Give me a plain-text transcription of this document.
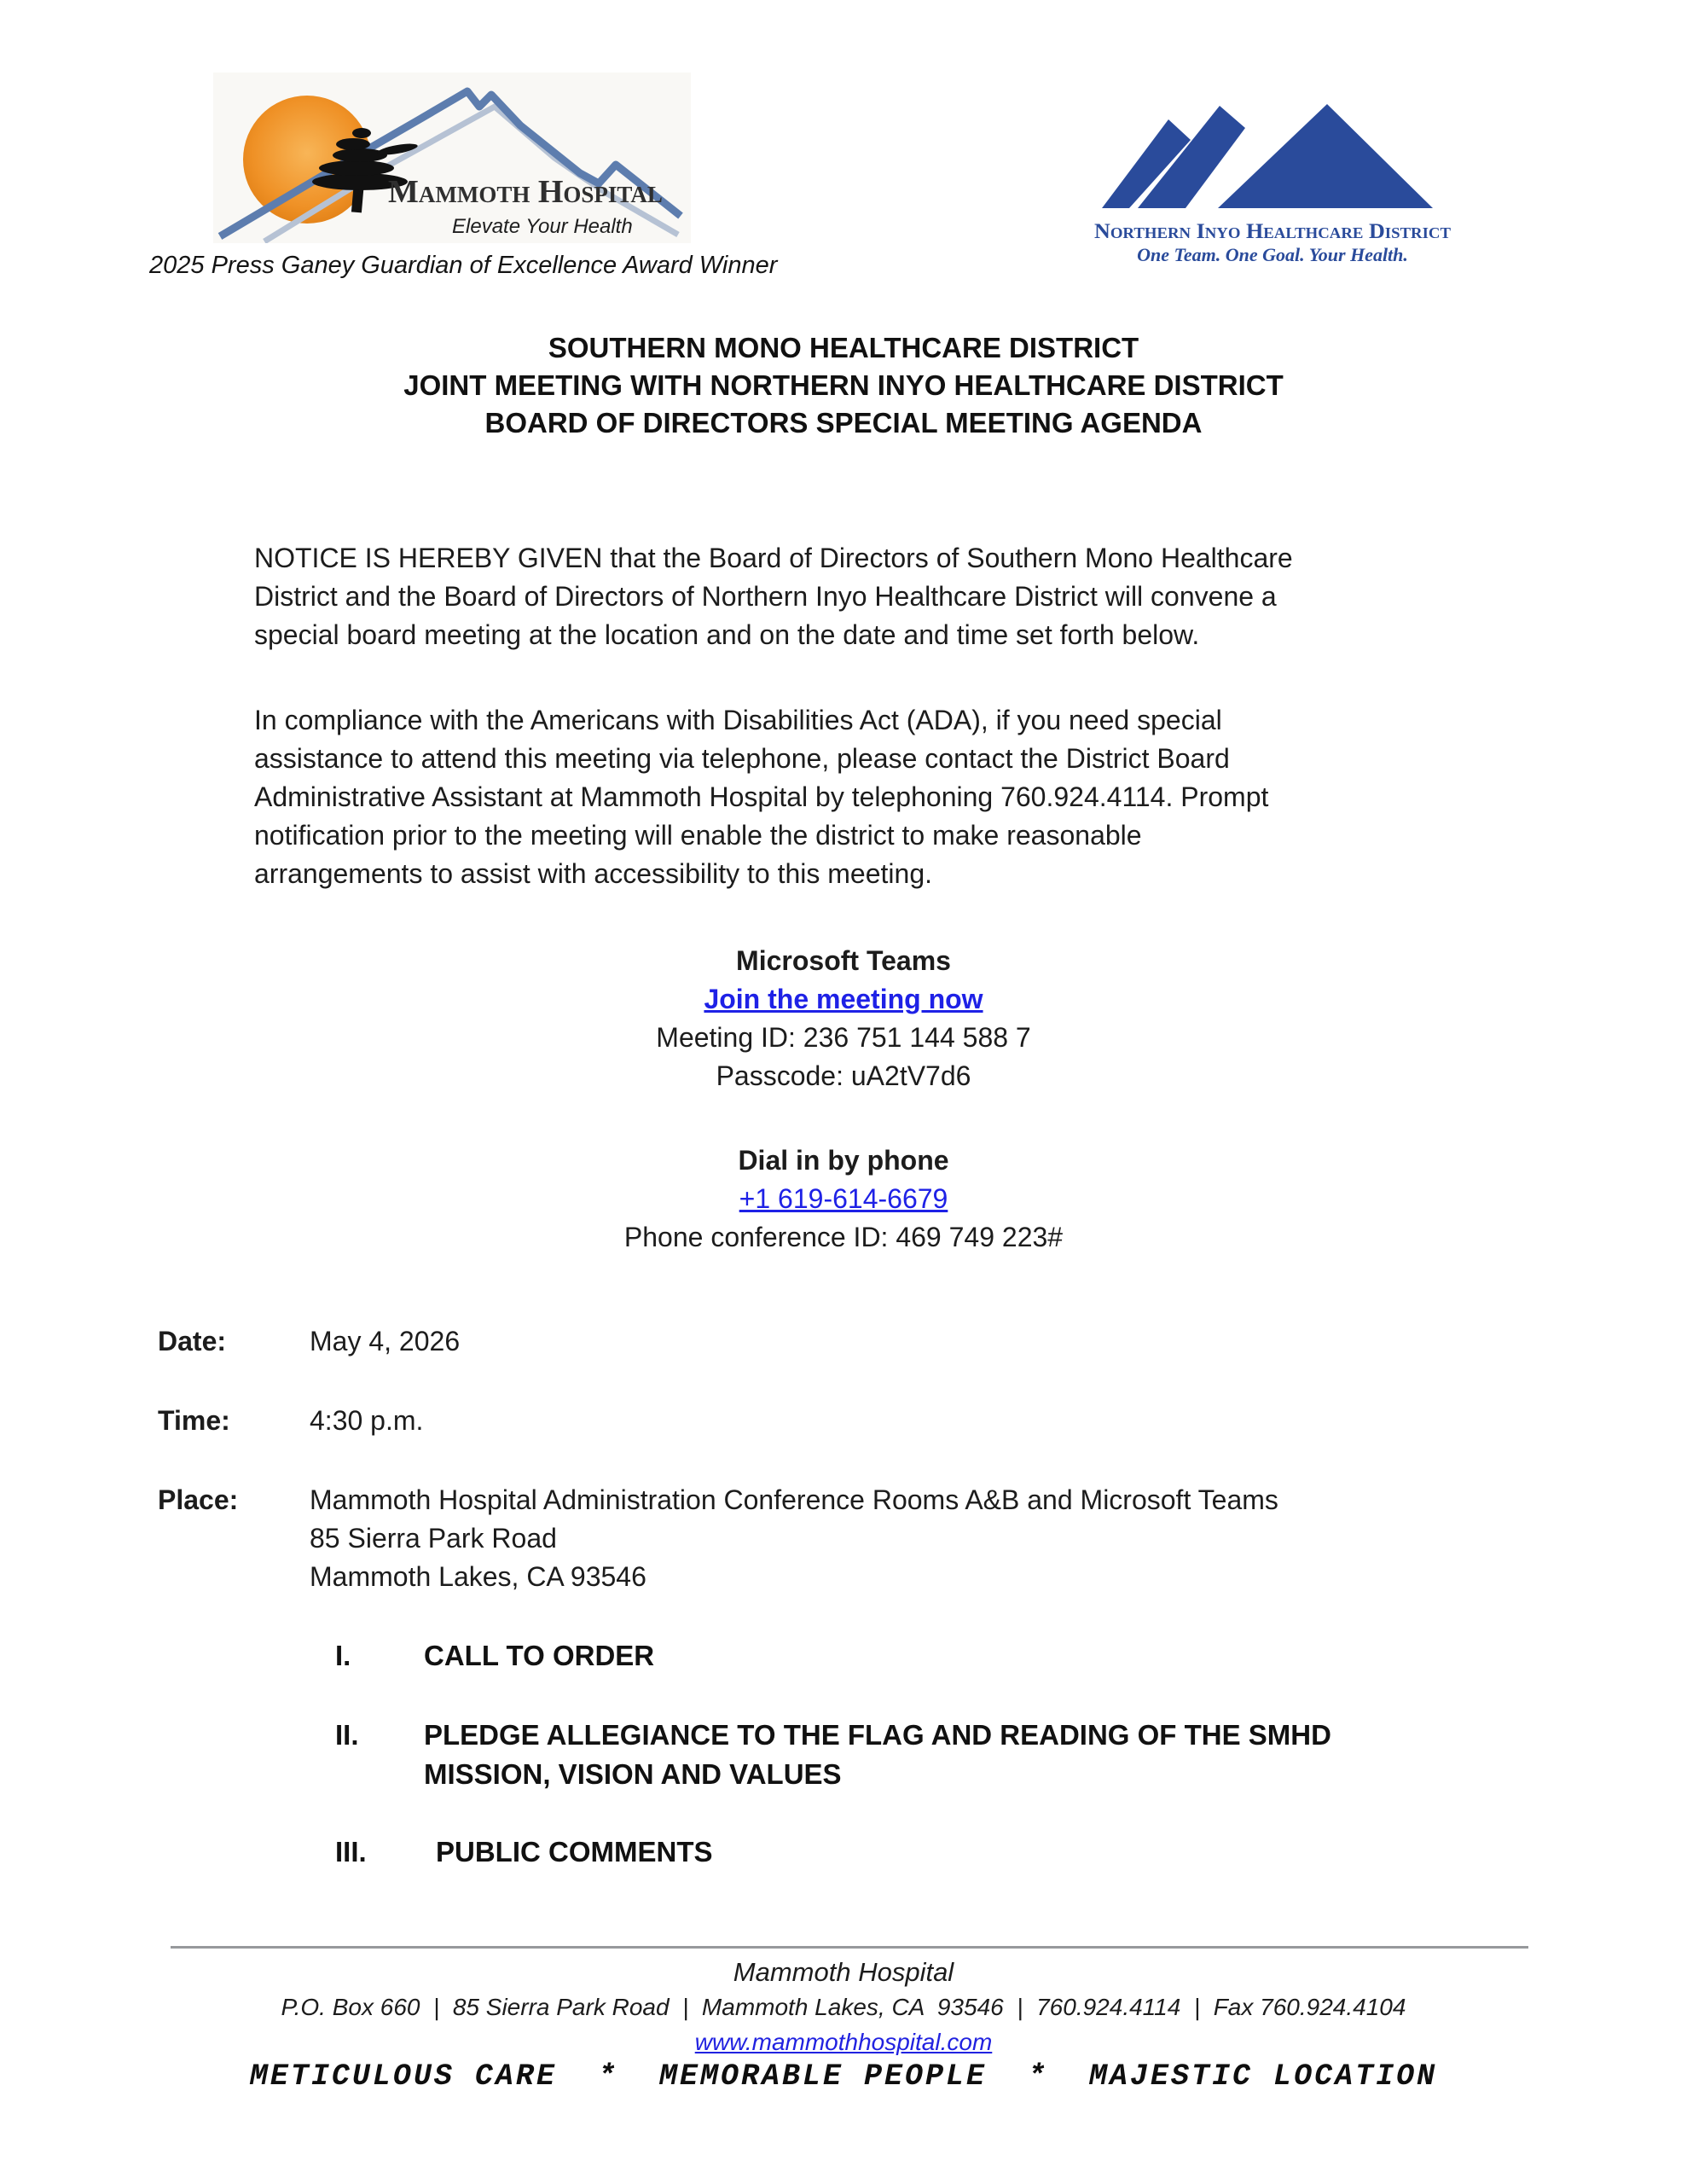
Mammoth Hospital
Elevate Your Health
2025 Press Ganey Guardian of Excellence Award Winner
Northern Inyo Healthcare District
One Team. One Goal. Your Health.
SOUTHERN MONO HEALTHCARE DISTRICT
JOINT MEETING WITH NORTHERN INYO HEALTHCARE DISTRICT
BOARD OF DIRECTORS SPECIAL MEETING AGENDA
NOTICE IS HEREBY GIVEN that the Board of Directors of Southern Mono Healthcare
District and the Board of Directors of Northern Inyo Healthcare District will convene a
special board meeting at the location and on the date and time set forth below.
In compliance with the Americans with Disabilities Act (ADA), if you need special
assistance to attend this meeting via telephone, please contact the District Board
Administrative Assistant at Mammoth Hospital by telephoning 760.924.4114. Prompt
notification prior to the meeting will enable the district to make reasonable
arrangements to assist with accessibility to this meeting.
Microsoft Teams
Join the meeting now
Meeting ID: 236 751 144 588 7
Passcode: uA2tV7d6
Dial in by phone
+1 619-614-6679
Phone conference ID: 469 749 223#
Date:	May 4, 2026
Time:	4:30 p.m.
Place:	Mammoth Hospital Administration Conference Rooms A&B and Microsoft Teams
85 Sierra Park Road
Mammoth Lakes, CA 93546
I.	CALL TO ORDER
II. PLEDGE ALLEGIANCE TO THE FLAG AND READING OF THE SMHD MISSION, VISION AND VALUES
III. PUBLIC COMMENTS
Mammoth Hospital
P.O. Box 660  |  85 Sierra Park Road  |  Mammoth Lakes, CA  93546  |  760.924.4114  |  Fax 760.924.4104
www.mammothhospital.com
METICULOUS CARE  *  MEMORABLE PEOPLE  *  MAJESTIC LOCATION
